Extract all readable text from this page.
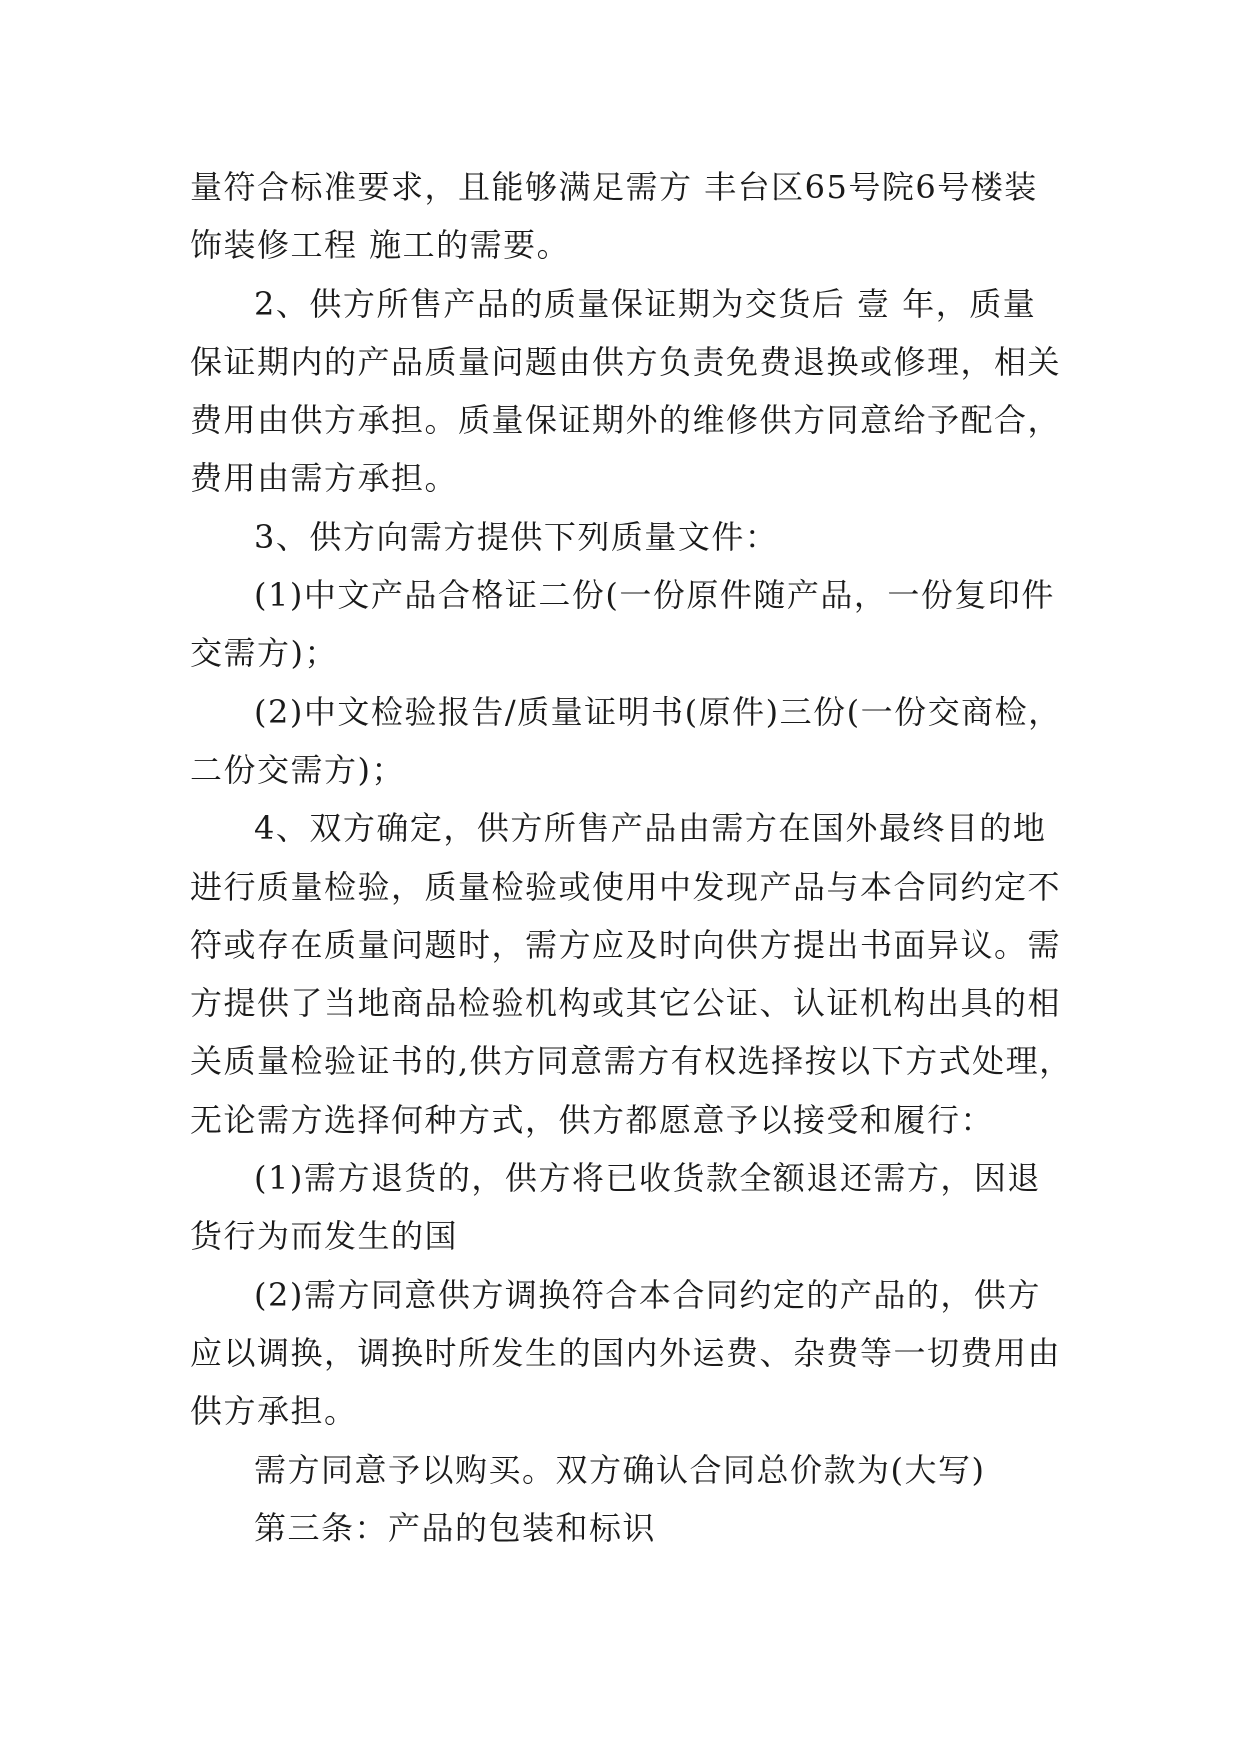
量符合标准要求，且能够满足需方 丰台区65号院6号楼装
饰装修工程 施工的需要。
2、供方所售产品的质量保证期为交货后 壹 年，质量
保证期内的产品质量问题由供方负责免费退换或修理，相关
费用由供方承担。质量保证期外的维修供方同意给予配合，
费用由需方承担。
3、供方向需方提供下列质量文件：
(1)中文产品合格证二份(一份原件随产品，一份复印件
交需方)；
(2)中文检验报告/质量证明书(原件)三份(一份交商检，
二份交需方)；
4、双方确定，供方所售产品由需方在国外最终目的地
进行质量检验，质量检验或使用中发现产品与本合同约定不
符或存在质量问题时，需方应及时向供方提出书面异议。需
方提供了当地商品检验机构或其它公证、认证机构出具的相
关质量检验证书的,供方同意需方有权选择按以下方式处理，
无论需方选择何种方式，供方都愿意予以接受和履行：
(1)需方退货的，供方将已收货款全额退还需方，因退
货行为而发生的国
(2)需方同意供方调换符合本合同约定的产品的，供方
应以调换，调换时所发生的国内外运费、杂费等一切费用由
供方承担。
需方同意予以购买。双方确认合同总价款为(大写)
第三条：产品的包装和标识
